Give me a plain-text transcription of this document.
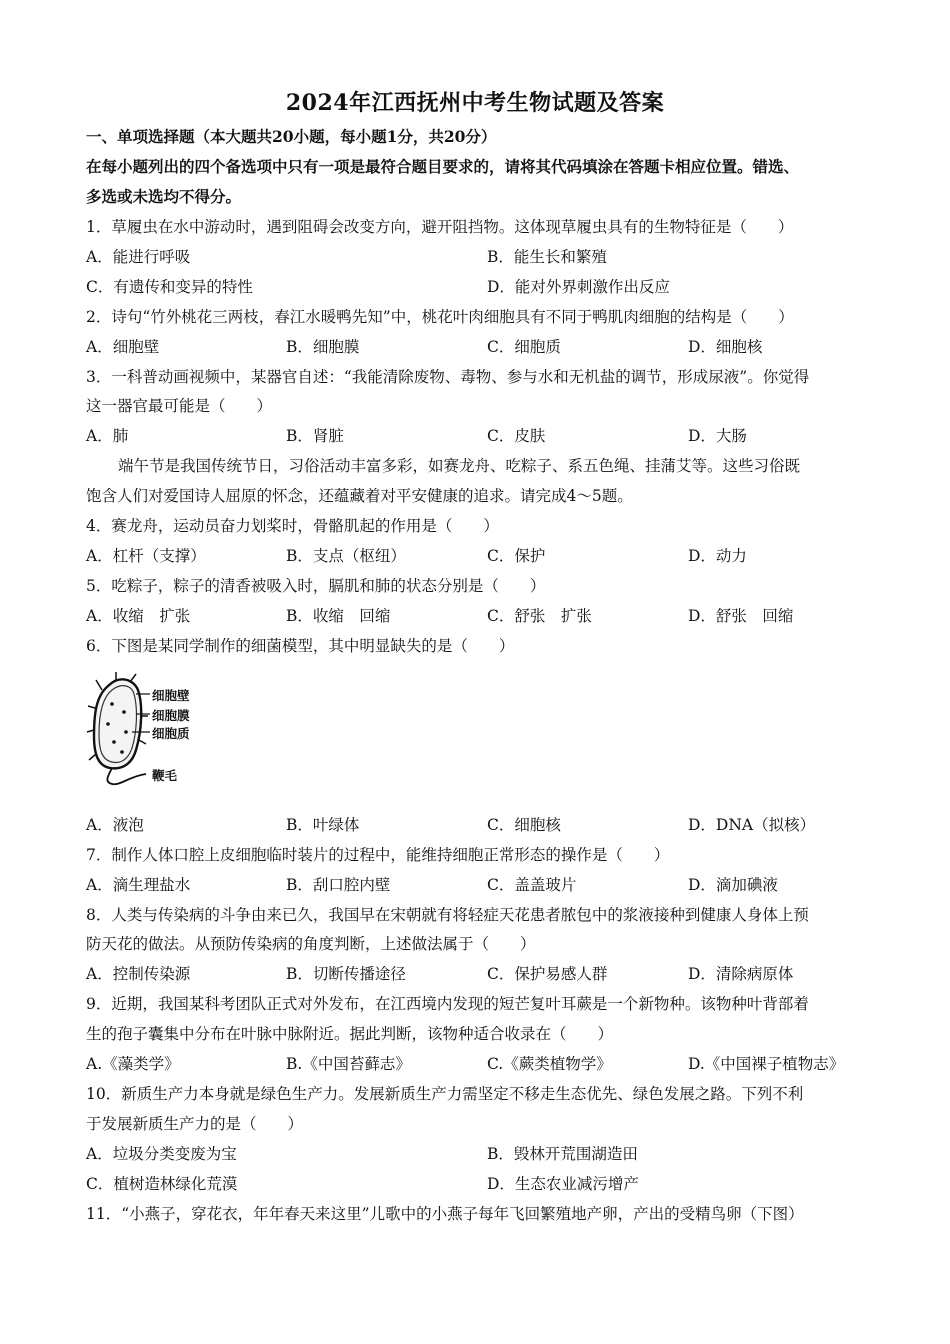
2024年江西抚州中考生物试题及答案
一、单项选择题（本大题共20小题，每小题1分，共20分）
在每小题列出的四个备选项中只有一项是最符合题目要求的，请将其代码填涂在答题卡相应位置。错选、
多选或未选均不得分。
1．草履虫在水中游动时，遇到阻碍会改变方向，避开阻挡物。这体现草履虫具有的生物特征是（　　）
A．能进行呼吸	B．能生长和繁殖
C．有遗传和变异的特性	D．能对外界刺激作出反应
2．诗句“竹外桃花三两枝，春江水暖鸭先知”中，桃花叶肉细胞具有不同于鸭肌肉细胞的结构是（　　）
A．细胞壁	B．细胞膜	C．细胞质	D．细胞核
3．一科普动画视频中，某器官自述：“我能清除废物、毒物、参与水和无机盐的调节，形成尿液”。你觉得
这一器官最可能是（　　）
A．肺	B．肾脏	C．皮肤	D．大肠
端午节是我国传统节日，习俗活动丰富多彩，如赛龙舟、吃粽子、系五色绳、挂蒲艾等。这些习俗既
饱含人们对爱国诗人屈原的怀念，还蕴藏着对平安健康的追求。请完成4～5题。
4．赛龙舟，运动员奋力划桨时，骨骼肌起的作用是（　　）
A．杠杆（支撑）	B．支点（枢纽）	C．保护	D．动力
5．吃粽子，粽子的清香被吸入时，膈肌和肺的状态分别是（　　）
A．收缩　扩张	B．收缩　回缩	C．舒张　扩张	D．舒张　回缩
6．下图是某同学制作的细菌模型，其中明显缺失的是（　　）
细胞壁
细胞膜
细胞质
鞭毛
A．液泡	B．叶绿体	C．细胞核	D．DNA（拟核）
7．制作人体口腔上皮细胞临时装片的过程中，能维持细胞正常形态的操作是（　　）
A．滴生理盐水	B．刮口腔内壁	C．盖盖玻片	D．滴加碘液
8．人类与传染病的斗争由来已久，我国早在宋朝就有将轻症天花患者脓包中的浆液接种到健康人身体上预
防天花的做法。从预防传染病的角度判断，上述做法属于（　　）
A．控制传染源	B．切断传播途径	C．保护易感人群	D．清除病原体
9．近期，我国某科考团队正式对外发布，在江西境内发现的短芒复叶耳蕨是一个新物种。该物种叶背部着
生的孢子囊集中分布在叶脉中脉附近。据此判断，该物种适合收录在（　　）
A.《藻类学》	B.《中国苔藓志》	C.《蕨类植物学》	D.《中国裸子植物志》
10．新质生产力本身就是绿色生产力。发展新质生产力需坚定不移走生态优先、绿色发展之路。下列不利
于发展新质生产力的是（　　）
A．垃圾分类变废为宝	B．毁林开荒围湖造田
C．植树造林绿化荒漠	D．生态农业减污增产
11．“小燕子，穿花衣，年年春天来这里”儿歌中的小燕子每年飞回繁殖地产卵，产出的受精鸟卵（下图）
